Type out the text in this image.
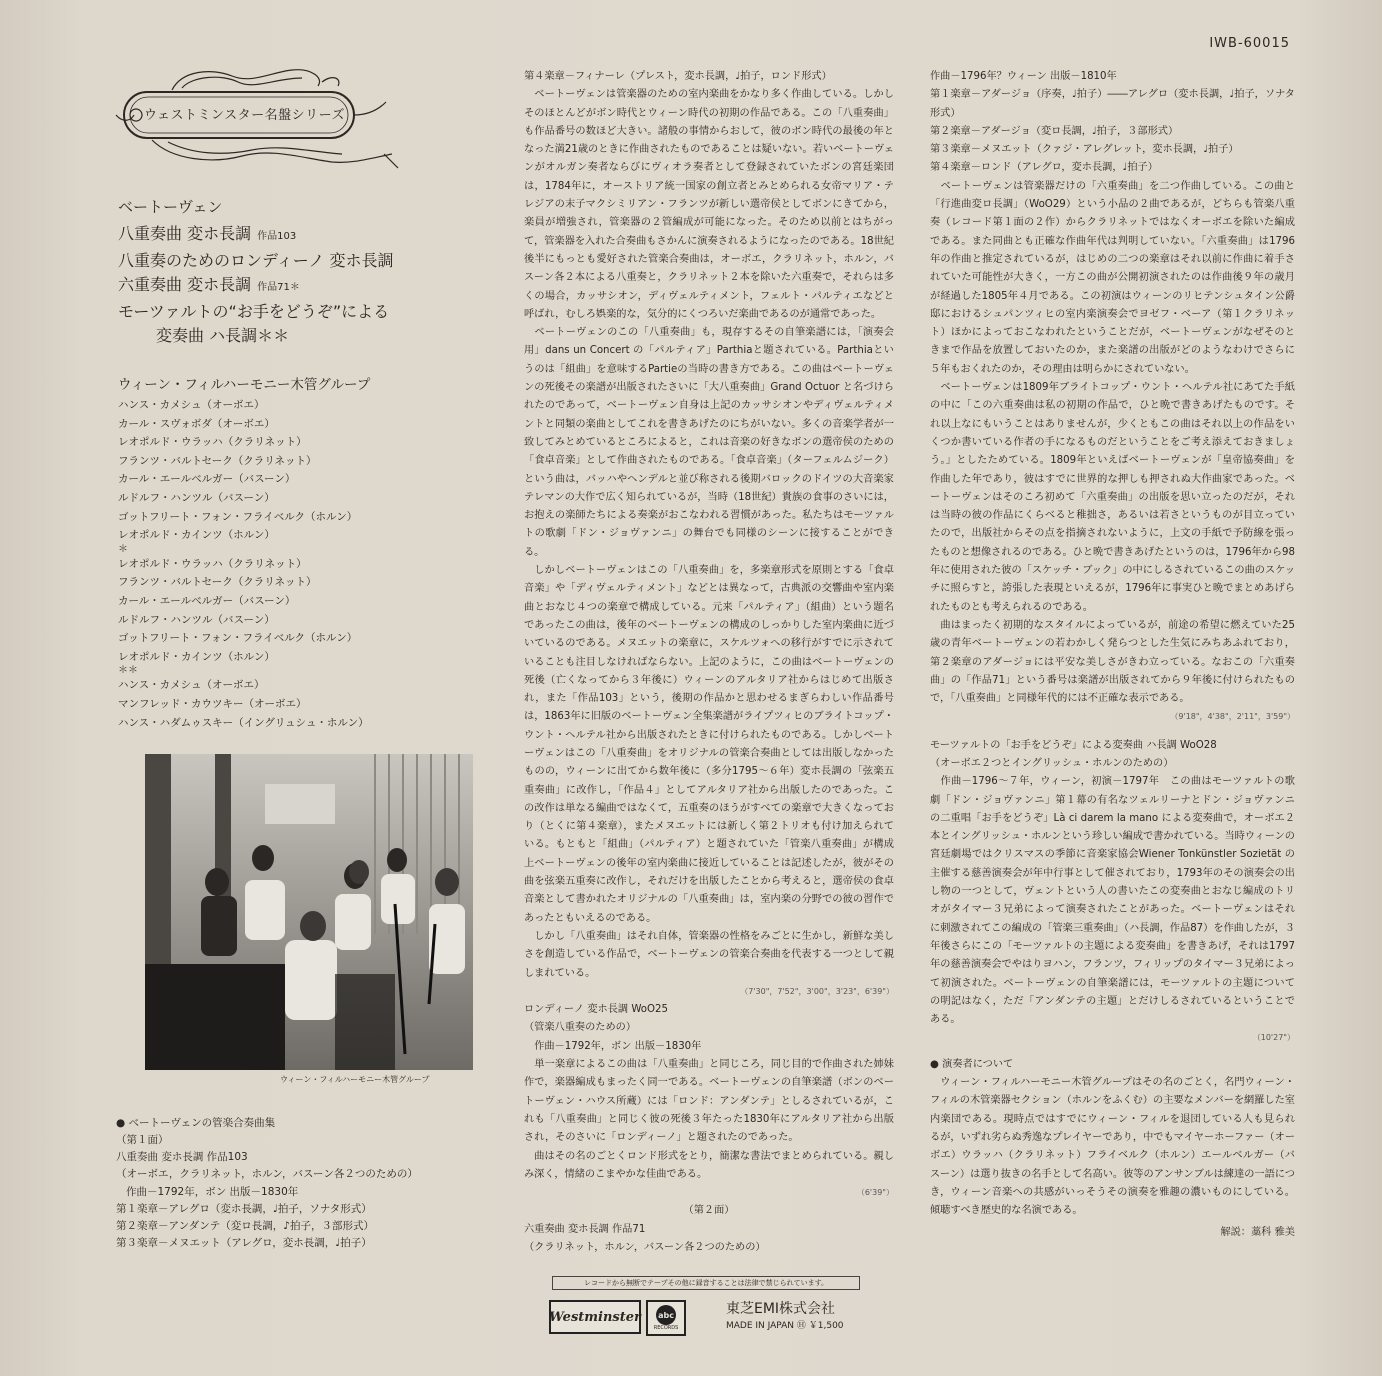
IWB-60015
ウェストミンスター名盤シリーズ
ベートーヴェン
八重奏曲 変ホ長調 作品103
八重奏のためのロンディーノ 変ホ長調
六重奏曲 変ホ長調 作品71＊
モーツァルトの“お手をどうぞ”による
変奏曲 ハ長調＊＊
ウィーン・フィルハーモニー木管グループ
ハンス・カメシュ（オーボエ）
カール・スヴォボダ（オーボエ）
レオポルド・ウラッハ（クラリネット）
フランツ・バルトセーク（クラリネット）
カール・エールベルガー（バスーン）
ルドルフ・ハンツル（バスーン）
ゴットフリート・フォン・フライベルク（ホルン）
レオポルド・カインツ（ホルン）
＊
レオポルド・ウラッハ（クラリネット）
フランツ・バルトセーク（クラリネット）
カール・エールベルガー（バスーン）
ルドルフ・ハンツル（バスーン）
ゴットフリート・フォン・フライベルク（ホルン）
レオポルド・カインツ（ホルン）
＊＊
ハンス・カメシュ（オーボエ）
マンフレッド・カウツキー（オーボエ）
ハンス・ハダムゥスキー（イングリュシュ・ホルン）
ウィーン・フィルハーモニー木管グループ
● ベートーヴェンの管楽合奏曲集
（第１面）
八重奏曲 変ホ長調 作品103
（オーボエ，クラリネット，ホルン，バスーン各２つのための）
作曲－1792年，ボン 出版－1830年
第１楽章－アレグロ（変ホ長調，♩拍子，ソナタ形式）
第２楽章－アンダンテ（変ロ長調，♪拍子，３部形式）
第３楽章－メヌエット（アレグロ，変ホ長調，♩拍子）

第４楽章－フィナーレ（プレスト，変ホ長調，♩拍子，ロンド形式）

　ベートーヴェンは管楽器のための室内楽曲をかなり多く作曲している。しかしそのほとんどがボン時代とウィーン時代の初期の作品である。この「八重奏曲」も作品番号の数ほど大きい。諸般の事情からおして，彼のボン時代の最後の年となった満21歳のときに作曲されたものであることは疑いない。若いベートーヴェンがオルガン奏者ならびにヴィオラ奏者として登録されていたボンの宮廷楽団は，1784年に，オーストリア統一国家の創立者とみとめられる女帝マリア・テレジアの末子マクシミリアン・フランツが新しい選帝侯としてボンにきてから，楽員が増強され，管楽器の２管編成が可能になった。そのため以前とはちがって，管楽器を入れた合奏曲もさかんに演奏されるようになったのである。18世紀後半にもっとも愛好された管楽合奏曲は，オーボエ，クラリネット，ホルン，バスーン各２本による八重奏と，クラリネット２本を除いた六重奏で，それらは多くの場合，カッサシオン，ディヴェルティメント，フェルト・パルティエなどと呼ばれ，むしろ娯楽的な，気分的にくつろいだ楽曲であるのが通常であった。

　ベートーヴェンのこの「八重奏曲」も，現存するその自筆楽譜には，「演奏会用」dans un Concert の「パルティア」Parthiaと題されている。Parthiaというのは「組曲」を意味するPartieの当時の書き方である。この曲はベートーヴェンの死後その楽譜が出版されたさいに「大八重奏曲」Grand Octuor と名づけられたのであって，ベートーヴェン自身は上記のカッサシオンやディヴェルティメントと同類の楽曲としてこれを書きあげたのにちがいない。多くの音楽学者が一致してみとめているところによると，これは音楽の好きなボンの選帝侯のための「食卓音楽」として作曲されたものである。「食卓音楽」（ターフェルムジーク）という曲は，バッハやヘンデルと並び称される後期バロックのドイツの大音楽家テレマンの大作で広く知られているが，当時（18世紀）貴族の食事のさいには，お抱えの楽師たちによる奏楽がおこなわれる習慣があった。私たちはモーツァルトの歌劇「ドン・ジョヴァンニ」の舞台でも同様のシーンに接することができる。

　しかしベートーヴェンはこの「八重奏曲」を，多楽章形式を原則とする「食卓音楽」や「ディヴェルティメント」などとは異なって，古典派の交響曲や室内楽曲とおなじ４つの楽章で構成している。元来「パルティア」（組曲）という題名であったこの曲は，後年のベートーヴェンの構成のしっかりした室内楽曲に近づいているのである。メヌエットの楽章に，スケルツォへの移行がすでに示されていることも注目しなければならない。上記のように，この曲はベートーヴェンの死後（亡くなってから３年後に）ウィーンのアルタリア社からはじめて出版され，また「作品103」という，後期の作品かと思わせるまぎらわしい作品番号は，1863年に旧版のベートーヴェン全集楽譜がライプツィヒのブライトコップ・ウント・ヘルテル社から出版されたときに付けられたものである。しかしベートーヴェンはこの「八重奏曲」をオリジナルの管楽合奏曲としては出版しなかったものの，ウィーンに出てから数年後に（多分1795～６年）変ホ長調の「弦楽五重奏曲」に改作し，「作品４」としてアルタリア社から出版したのであった。この改作は単なる編曲ではなくて，五重奏のほうがすべての楽章で大きくなっており（とくに第４楽章），またメヌエットには新しく第２トリオも付け加えられている。もともと「組曲」（パルティア）と題されていた「管楽八重奏曲」が構成上ベートーヴェンの後年の室内楽曲に接近していることは記述したが，彼がその曲を弦楽五重奏に改作し，それだけを出版したことから考えると，選帝侯の食卓音楽として書かれたオリジナルの「八重奏曲」は，室内楽の分野での彼の習作であったともいえるのである。

　しかし「八重奏曲」はそれ自体，管楽器の性格をみごとに生かし，新鮮な美しさを創造している作品で，ベートーヴェンの管楽合奏曲を代表する一つとして親しまれている。

（7'30"，7'52"，3'00"，3'23"，6'39"）

ロンディーノ 変ホ長調 WoO25

（管楽八重奏のための）

　作曲－1792年，ボン 出版－1830年

　単一楽章によるこの曲は「八重奏曲」と同じころ，同じ目的で作曲された姉妹作で，楽器編成もまったく同一である。ベートーヴェンの自筆楽譜（ボンのベートーヴェン・ハウス所蔵）には「ロンド：アンダンテ」としるされているが，これも「八重奏曲」と同じく彼の死後３年たった1830年にアルタリア社から出版され，そのさいに「ロンディーノ」と題されたのであった。

　曲はその名のごとくロンド形式をとり，簡潔な書法でまとめられている。親しみ深く，情緒のこまやかな佳曲である。

（6'39"）

（第２面）

六重奏曲 変ホ長調 作品71

（クラリネット，ホルン，バスーン各２つのための）

作曲－1796年？ウィーン 出版－1810年

第１楽章－アダージョ（序奏，♩拍子）――アレグロ（変ホ長調，♩拍子，ソナタ形式）

第２楽章－アダージョ（変ロ長調，♩拍子，３部形式）

第３楽章－メヌエット（クァジ・アレグレット，変ホ長調，♩拍子）

第４楽章－ロンド（アレグロ，変ホ長調，♩拍子）

　ベートーヴェンは管楽器だけの「六重奏曲」を二つ作曲している。この曲と「行進曲変ロ長調」（WoO29）という小品の２曲であるが，どちらも管楽八重奏（レコード第１面の２作）からクラリネットではなくオーボエを除いた編成である。また同曲とも正確な作曲年代は判明していない。「六重奏曲」は1796年の作曲と推定されているが，はじめの二つの楽章はそれ以前に作曲に着手されていた可能性が大きく，一方この曲が公開初演されたのは作曲後９年の歳月が経過した1805年４月である。この初演はウィーンのリヒテンシュタイン公爵邸におけるシュパンツィヒの室内楽演奏会でヨゼフ・ベーア（第１クラリネット）ほかによっておこなわれたということだが，ベートーヴェンがなぜそのときまで作品を放置しておいたのか，また楽譜の出版がどのようなわけでさらに５年もおくれたのか，その理由は明らかにされていない。

　ベートーヴェンは1809年ブライトコップ・ウント・ヘルテル社にあてた手紙の中に「この六重奏曲は私の初期の作品で，ひと晩で書きあげたものです。それ以上なにもいうことはありませんが，少くともこの曲はそれ以上の作品をいくつか書いている作者の手になるものだということをご考え添えておきましょう。」としたためている。1809年といえばベートーヴェンが「皇帝協奏曲」を作曲した年であり，彼はすでに世界的な押しも押されぬ大作曲家であった。ベートーヴェンはそのころ初めて「六重奏曲」の出版を思い立ったのだが，それは当時の彼の作品にくらべると稚拙さ，あるいは若さというものが目立っていたので，出版社からその点を指摘されないように，上文の手紙で予防線を張ったものと想像されるのである。ひと晩で書きあげたというのは，1796年から98年に使用された彼の「スケッチ・ブック」の中にしるされているこの曲のスケッチに照らすと，誇張した表現といえるが，1796年に事実ひと晩でまとめあげられたものとも考えられるのである。

　曲はまったく初期的なスタイルによっているが，前途の希望に燃えていた25歳の青年ベートーヴェンの若わかしく発らつとした生気にみちあふれており，第２楽章のアダージョには平安な美しさがきわ立っている。なおこの「六重奏曲」の「作品71」という番号は楽譜が出版されてから９年後に付けられたもので，「八重奏曲」と同様年代的には不正確な表示である。

（9'18"，4'38"，2'11"，3'59"）

モーツァルトの「お手をどうぞ」による変奏曲 ハ長調 WoO28

（オーボエ２つとイングリッシュ・ホルンのための）

　作曲－1796～７年，ウィーン，初演－1797年　この曲はモーツァルトの歌劇「ドン・ジョヴァンニ」第１幕の有名なツェルリーナとドン・ジョヴァンニの二重唱「お手をどうぞ」Là ci darem la mano による変奏曲で，オーボエ２本とイングリッシュ・ホルンという珍しい編成で書かれている。当時ウィーンの宮廷劇場ではクリスマスの季節に音楽家協会Wiener Tonkünstler Sozietät の主催する慈善演奏会が年中行事として催されており，1793年のその演奏会の出し物の一つとして，ヴェントという人の書いたこの変奏曲とおなじ編成のトリオがタイマー３兄弟によって演奏されたことがあった。ベートーヴェンはそれに刺激されてこの編成の「管楽三重奏曲」（ハ長調，作品87）を作曲したが，３年後さらにこの「モーツァルトの主題による変奏曲」を書きあげ，それは1797年の慈善演奏会でやはりヨハン，フランツ，フィリップのタイマー３兄弟によって初演された。ベートーヴェンの自筆楽譜には，モーツァルトの主題についての明記はなく，ただ「アンダンテの主題」とだけしるされているということである。

（10'27"）

● 演奏者について

　ウィーン・フィルハーモニー木管グループはその名のごとく，名門ウィーン・フィルの木管楽器セクション（ホルンをふくむ）の主要なメンバーを網羅した室内楽団である。現時点ではすでにウィーン・フィルを退団している人も見られるが，いずれ劣らぬ秀逸なプレイヤーであり，中でもマイヤーホーファー（オーボエ）ウラッハ（クラリネット）フライベルク（ホルン）エールベルガー（バスーン）は選り抜きの名手として名高い。彼等のアンサンブルは練達の一語につき，ウィーン音楽への共感がいっそうその演奏を雅趣の濃いものにしている。傾聴すべき歴史的な名演である。

解説：藁科 雅美
レコードから無断でテープその他に録音することは法律で禁じられています。
Westminster abc
RECORDS
東芝EMI株式会社
MADE IN JAPAN Ⓗ ￥1,500
